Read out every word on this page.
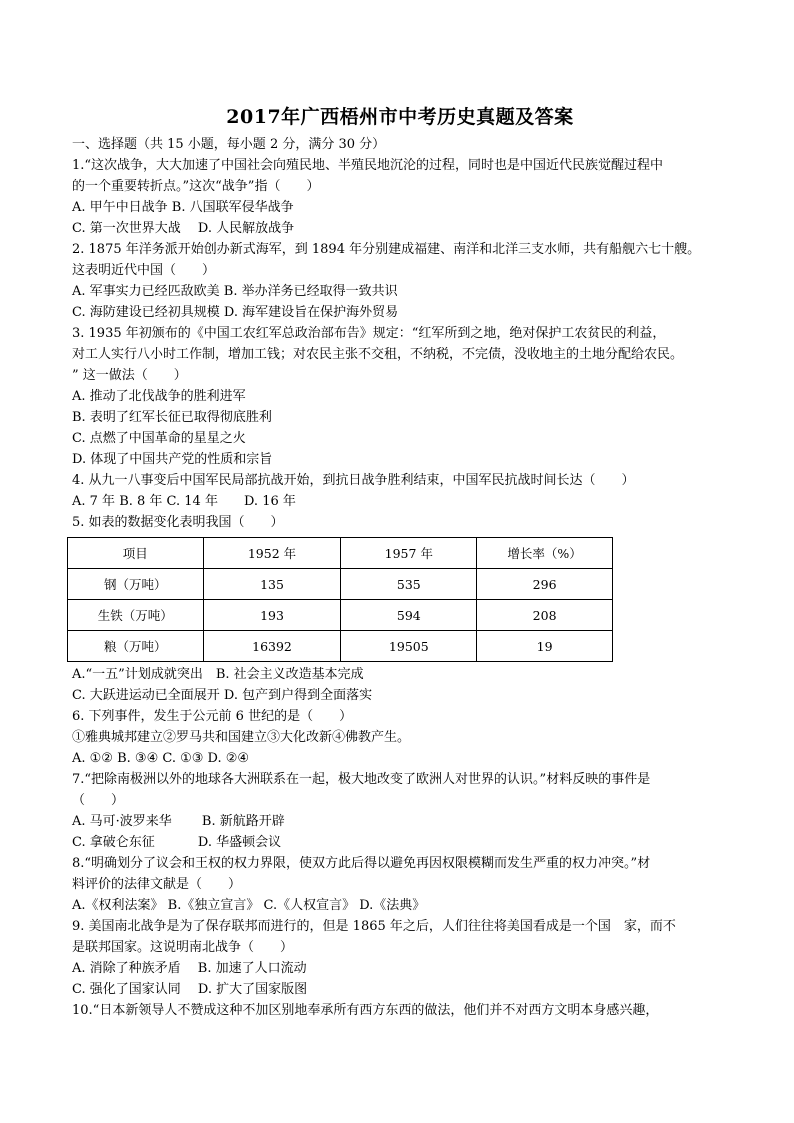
2017年广西梧州市中考历史真题及答案
一、选择题（共 15 小题，每小题 2 分，满分 30 分）
1.“这次战争，大大加速了中国社会向殖民地、半殖民地沉沦的过程，同时也是中国近代民族觉醒过程中
的一个重要转折点。”这次“战争”指（　　）
A. 甲午中日战争 B. 八国联军侵华战争
C. 第一次世界大战　 D. 人民解放战争
2. 1875 年洋务派开始创办新式海军，到 1894 年分别建成福建、南洋和北洋三支水师，共有船舰六七十艘。
这表明近代中国（　　）
A. 军事实力已经匹敌欧美 B. 举办洋务已经取得一致共识
C. 海防建设已经初具规模 D. 海军建设旨在保护海外贸易
3. 1935 年初颁布的《中国工农红军总政治部布告》规定：“红军所到之地，绝对保护工农贫民的利益，
对工人实行八小时工作制，增加工钱；对农民主张不交租，不纳税，不完债，没收地主的土地分配给农民。
” 这一做法（　　）
A. 推动了北伐战争的胜利进军
B. 表明了红军长征已取得彻底胜利
C. 点燃了中国革命的星星之火
D. 体现了中国共产党的性质和宗旨
4. 从九一八事变后中国军民局部抗战开始，到抗日战争胜利结束，中国军民抗战时间长达（　　）
A. 7 年 B. 8 年 C. 14 年　　D. 16 年
5. 如表的数据变化表明我国（　　）
项目	1952 年	1957 年	增长率（%）
钢（万吨）	135	535	296
生铁（万吨）	193	594	208
粮（万吨）	16392	19505	19
A.“一五”计划成就突出　B. 社会主义改造基本完成
C. 大跃进运动已全面展开 D. 包产到户得到全面落实
6. 下列事件，发生于公元前 6 世纪的是（　　）
①雅典城邦建立②罗马共和国建立③大化改新④佛教产生。
A. ①② B. ③④ C. ①③ D. ②④
7.“把除南极洲以外的地球各大洲联系在一起，极大地改变了欧洲人对世界的认识。”材料反映的事件是
（　　）
A. 马可·波罗来华　　 B. 新航路开辟
C. 拿破仑东征　　　 D. 华盛顿会议
8.“明确划分了议会和王权的权力界限，使双方此后得以避免再因权限模糊而发生严重的权力冲突。”材
料评价的法律文献是（　　）
A.《权利法案》 B.《独立宣言》 C.《人权宣言》 D.《法典》
9. 美国南北战争是为了保存联邦而进行的，但是 1865 年之后，人们往往将美国看成是一个国　家，而不
是联邦国家。这说明南北战争（　　）
A. 消除了种族矛盾　 B. 加速了人口流动
C. 强化了国家认同　 D. 扩大了国家版图
10.“日本新领导人不赞成这种不加区别地奉承所有西方东西的做法，他们并不对西方文明本身感兴趣，
